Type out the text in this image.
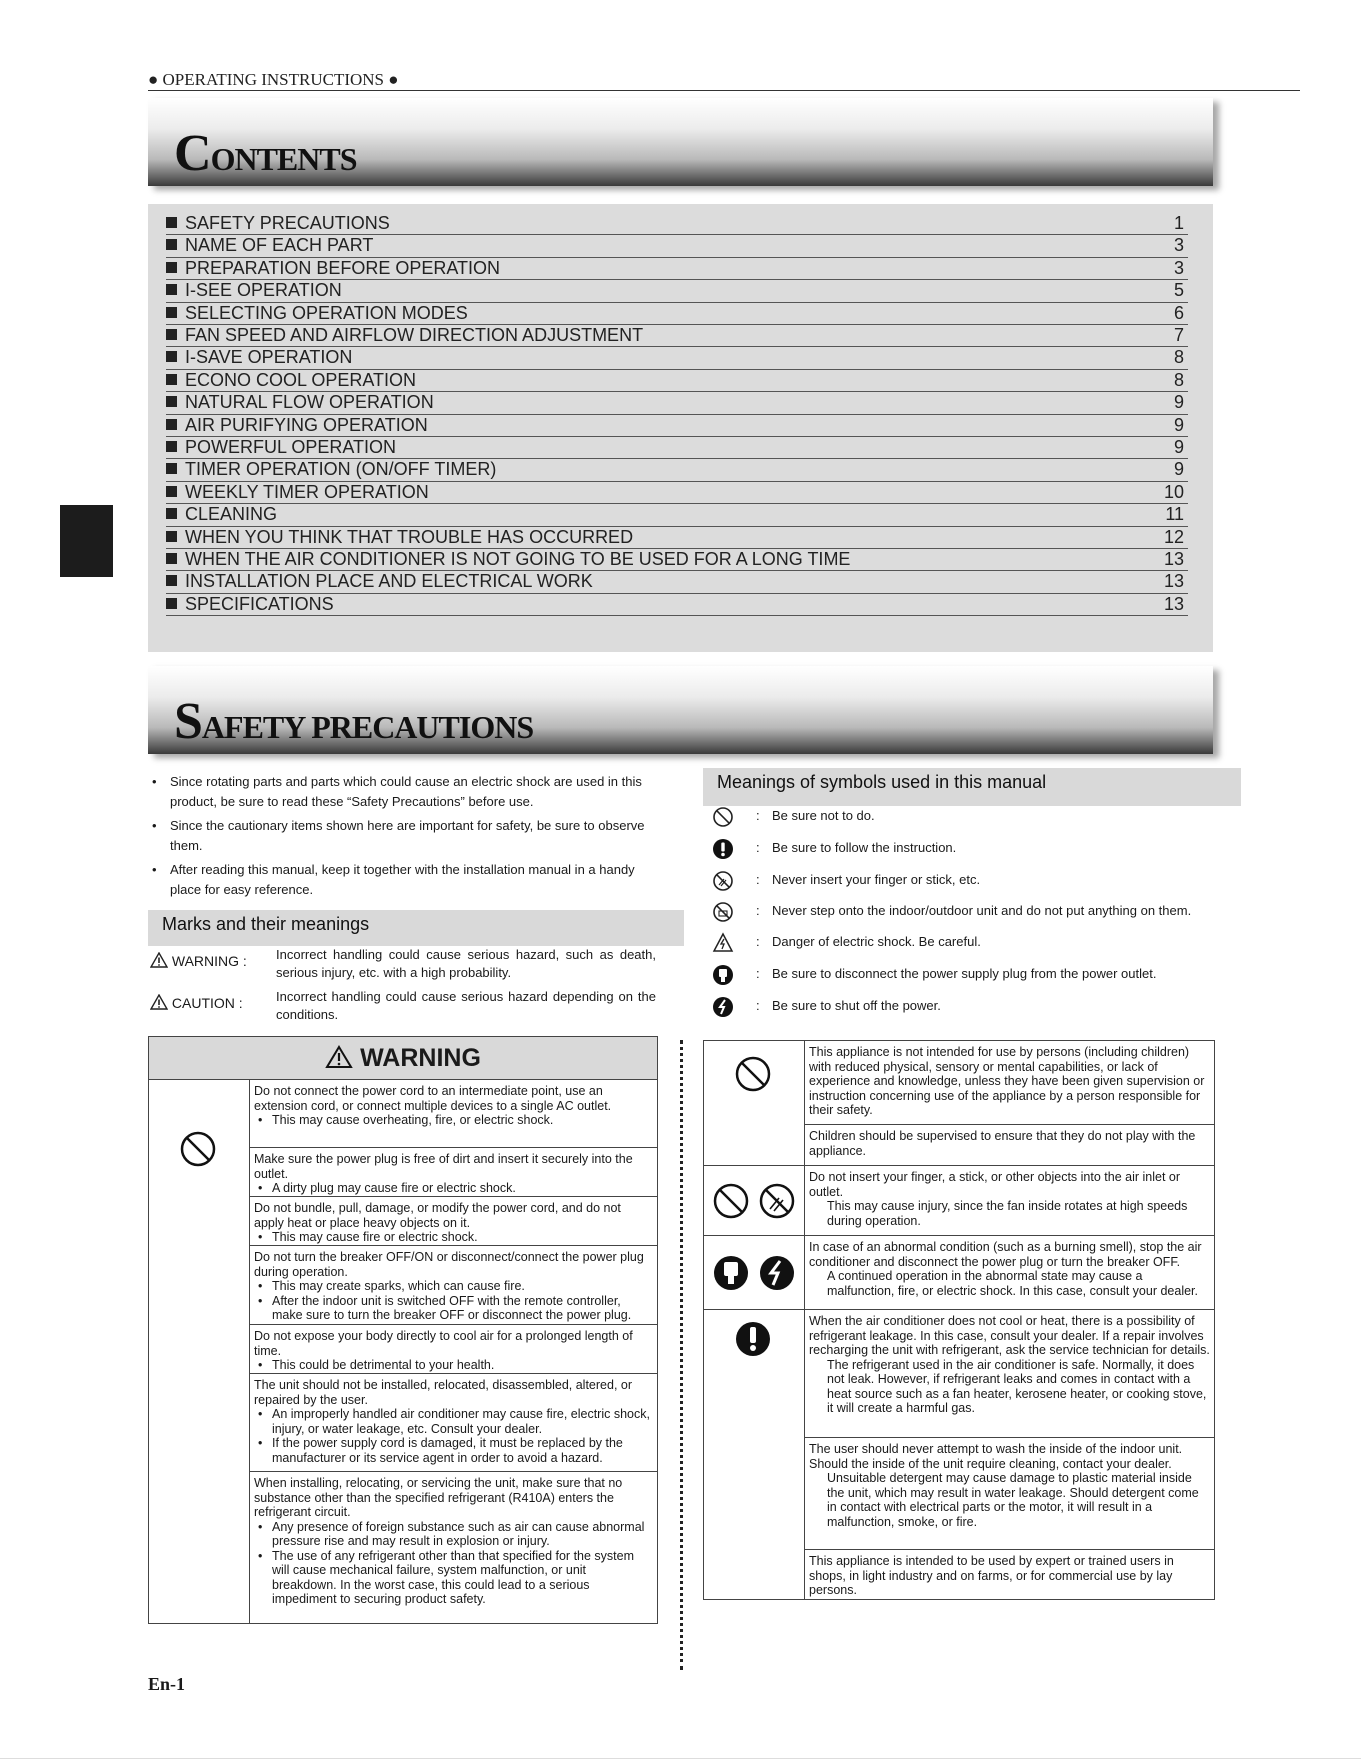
● OPERATING INSTRUCTIONS ●
CONTENTS
SAFETY PRECAUTIONS	1
NAME OF EACH PART	3
PREPARATION BEFORE OPERATION	3
I-SEE OPERATION	5
SELECTING OPERATION MODES	6
FAN SPEED AND AIRFLOW DIRECTION ADJUSTMENT	7
I-SAVE OPERATION	8
ECONO COOL OPERATION	8
NATURAL FLOW OPERATION	9
AIR PURIFYING OPERATION	9
POWERFUL OPERATION	9
TIMER OPERATION (ON/OFF TIMER)	9
WEEKLY TIMER OPERATION	10
CLEANING	11
WHEN YOU THINK THAT TROUBLE HAS OCCURRED	12
WHEN THE AIR CONDITIONER IS NOT GOING TO BE USED FOR A LONG TIME	13
INSTALLATION PLACE AND ELECTRICAL WORK	13
SPECIFICATIONS	13
SAFETY PRECAUTIONS
• Since rotating parts and parts which could cause an electric shock are used in this product, be sure to read these “Safety Precautions” before use.
• Since the cautionary items shown here are important for safety, be sure to observe them.
• After reading this manual, keep it together with the installation manual in a handy place for easy reference.
Marks and their meanings
WARNING : Incorrect handling could cause serious hazard, such as death, serious injury, etc. with a high probability.
CAUTION :	Incorrect handling could cause serious hazard depending on the conditions.
WARNING
Do not connect the power cord to an intermediate point, use an extension cord, or connect multiple devices to a single AC outlet.
• This may cause overheating, fire, or electric shock.
Make sure the power plug is free of dirt and insert it securely into the outlet.
• A dirty plug may cause fire or electric shock.
Do not bundle, pull, damage, or modify the power cord, and do not apply heat or place heavy objects on it.
• This may cause fire or electric shock.
Do not turn the breaker OFF/ON or disconnect/connect the power plug during operation.
• This may create sparks, which can cause fire.
• After the indoor unit is switched OFF with the remote controller, make sure to turn the breaker OFF or disconnect the power plug.
Do not expose your body directly to cool air for a prolonged length of time.
• This could be detrimental to your health.
The unit should not be installed, relocated, disassembled, altered, or repaired by the user.
• An improperly handled air conditioner may cause fire, electric shock, injury, or water leakage, etc. Consult your dealer.
• If the power supply cord is damaged, it must be replaced by the manufacturer or its service agent in order to avoid a hazard.
When installing, relocating, or servicing the unit, make sure that no substance other than the specified refrigerant (R410A) enters the refrigerant circuit.
• Any presence of foreign substance such as air can cause abnormal pressure rise and may result in explosion or injury.
• The use of any refrigerant other than that specified for the system will cause mechanical failure, system malfunction, or unit breakdown. In the worst case, this could lead to a serious impediment to securing product safety.
Meanings of symbols used in this manual
: Be sure not to do.
: Be sure to follow the instruction.
: Never insert your finger or stick, etc.
: Never step onto the indoor/outdoor unit and do not put anything on them.
: Danger of electric shock. Be careful.
: Be sure to disconnect the power supply plug from the power outlet.
: Be sure to shut off the power.
This appliance is not intended for use by persons (including children) with reduced physical, sensory or mental capabilities, or lack of experience and knowledge, unless they have been given supervision or instruction concerning use of the appliance by a person responsible for their safety.
Children should be supervised to ensure that they do not play with the appliance.
Do not insert your finger, a stick, or other objects into the air inlet or outlet.
This may cause injury, since the fan inside rotates at high speeds during operation.
In case of an abnormal condition (such as a burning smell), stop the air conditioner and disconnect the power plug or turn the breaker OFF.
A continued operation in the abnormal state may cause a malfunction, fire, or electric shock. In this case, consult your dealer.
When the air conditioner does not cool or heat, there is a possibility of refrigerant leakage. In this case, consult your dealer. If a repair involves recharging the unit with refrigerant, ask the service technician for details.
The refrigerant used in the air conditioner is safe. Normally, it does not leak. However, if refrigerant leaks and comes in contact with a heat source such as a fan heater, kerosene heater, or cooking stove, it will create a harmful gas.
The user should never attempt to wash the inside of the indoor unit. Should the inside of the unit require cleaning, contact your dealer.
Unsuitable detergent may cause damage to plastic material inside the unit, which may result in water leakage. Should detergent come in contact with electrical parts or the motor, it will result in a malfunction, smoke, or fire.
This appliance is intended to be used by expert or trained users in shops, in light industry and on farms, or for commercial use by lay persons.
En-1
